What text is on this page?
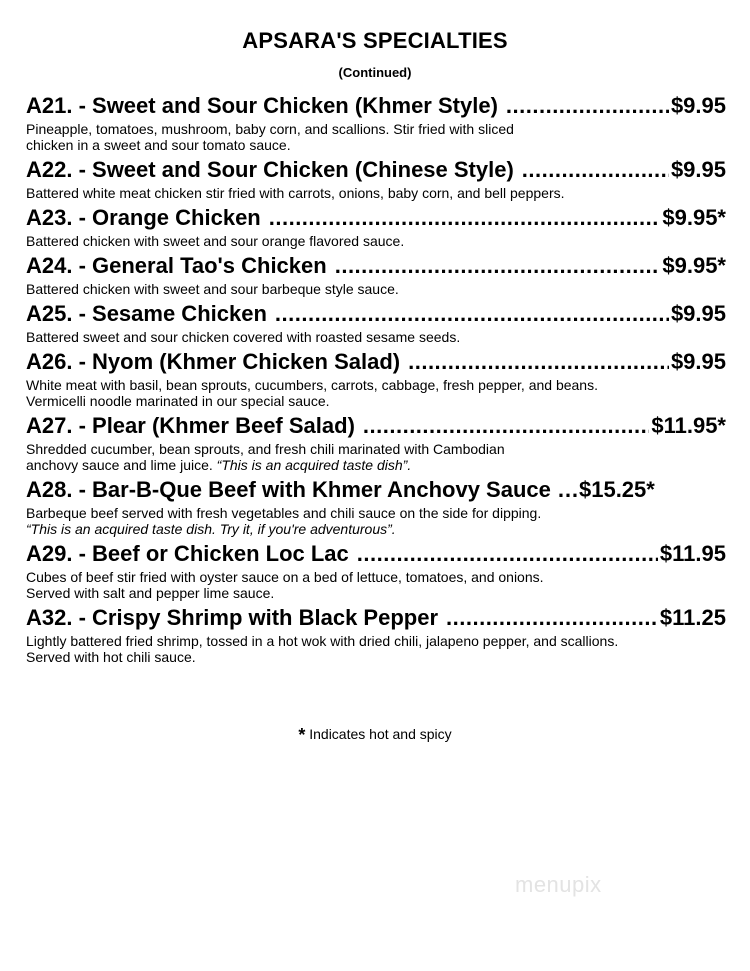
APSARA'S SPECIALTIES
(Continued)
A21. - Sweet and Sour Chicken (Khmer Style) .....	$9.95
Pineapple, tomatoes, mushroom, baby corn, and scallions. Stir fried with sliced
chicken in a sweet and sour tomato sauce.
A22. - Sweet and Sour Chicken (Chinese Style) .....	$9.95
Battered white meat chicken stir fried with carrots, onions, baby corn, and bell peppers.
A23. - Orange Chicken .....	$9.95*
Battered chicken with sweet and sour orange flavored sauce.
A24. - General Tao's Chicken .....	$9.95*
Battered chicken with sweet and sour barbeque style sauce.
A25. - Sesame Chicken .....	$9.95
Battered sweet and sour chicken covered with roasted sesame seeds.
A26. - Nyom (Khmer Chicken Salad) .....	$9.95
White meat with basil, bean sprouts, cucumbers, carrots, cabbage, fresh pepper, and beans.
Vermicelli noodle marinated in our special sauce.
A27. - Plear (Khmer Beef Salad) .....	$11.95*
Shredded cucumber, bean sprouts, and fresh chili marinated with Cambodian
anchovy sauce and lime juice. “This is an acquired taste dish”.
A28. - Bar-B-Que Beef with Khmer Anchovy Sauce … $15.25*
Barbeque beef served with fresh vegetables and chili sauce on the side for dipping.
“This is an acquired taste dish. Try it, if you're adventurous”.
A29. - Beef or Chicken Loc Lac .....	$11.95
Cubes of beef stir fried with oyster sauce on a bed of lettuce, tomatoes, and onions.
Served with salt and pepper lime sauce.
A32. - Crispy Shrimp with Black Pepper .....	$11.25
Lightly battered fried shrimp, tossed in a hot wok with dried chili, jalapeno pepper, and scallions.
Served with hot chili sauce.
* Indicates hot and spicy
menupix
